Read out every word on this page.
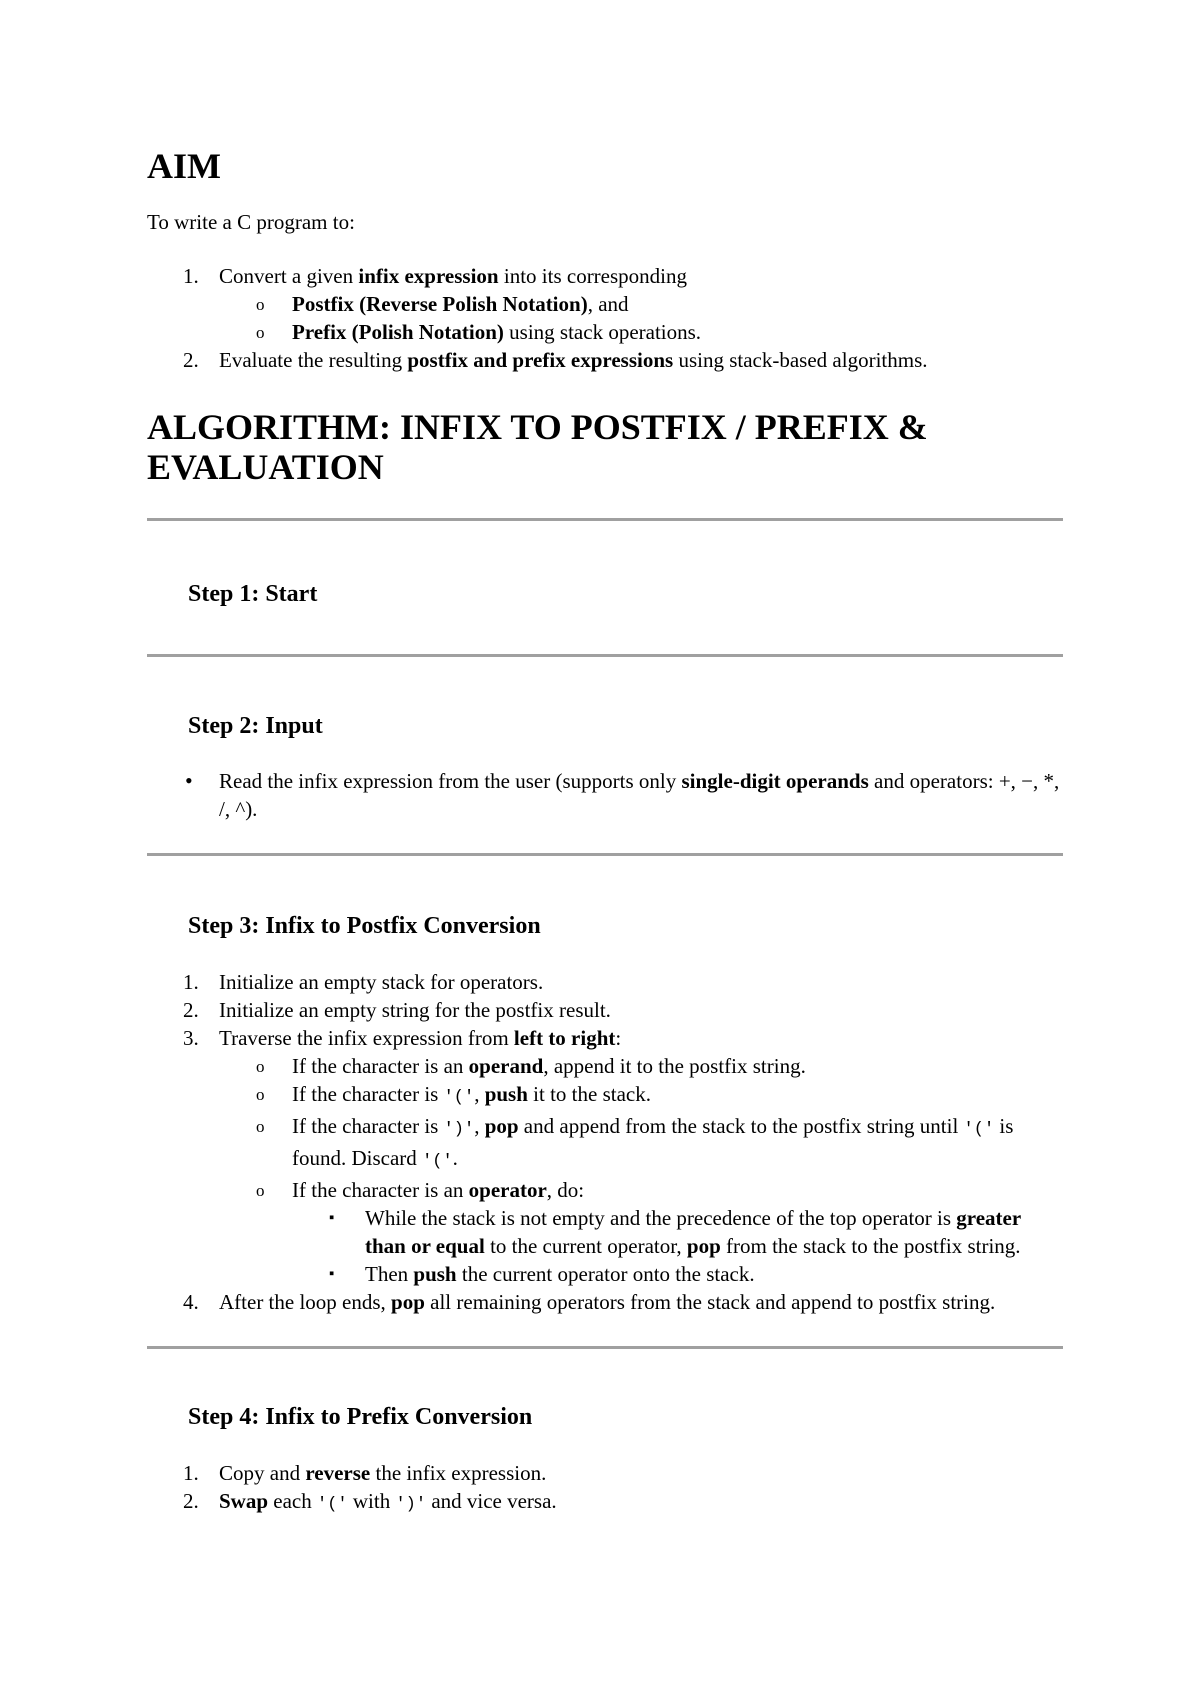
AIM

To write a C program to:

1. Convert a given infix expression into its corresponding
o Postfix (Reverse Polish Notation), and
o Prefix (Polish Notation) using stack operations.
2. Evaluate the resulting postfix and prefix expressions using stack-based algorithms.
ALGORITHM: INFIX TO POSTFIX / PREFIX & EVALUATION
Step 1: Start
Step 2: Input
• Read the infix expression from the user (supports only single-digit operands and operators: +, −, *, /, ^).
Step 3: Infix to Postfix Conversion
1. Initialize an empty stack for operators.
2. Initialize an empty string for the postfix result.
3. Traverse the infix expression from left to right:
o If the character is an operand, append it to the postfix string.
o If the character is '(', push it to the stack.
o If the character is ')', pop and append from the stack to the postfix string until '(' is found. Discard '('.
o If the character is an operator, do:
▪ While the stack is not empty and the precedence of the top operator is greater than or equal to the current operator, pop from the stack to the postfix string.
▪ Then push the current operator onto the stack.
4. After the loop ends, pop all remaining operators from the stack and append to postfix string.
Step 4: Infix to Prefix Conversion
1. Copy and reverse the infix expression.
2. Swap each '(' with ')' and vice versa.
